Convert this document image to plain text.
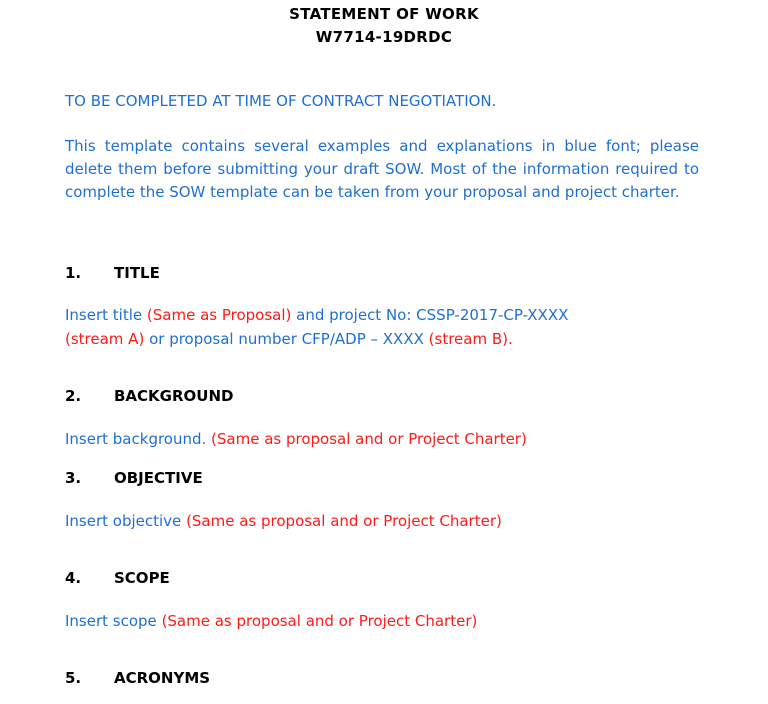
STATEMENT OF WORK
W7714-19DRDC
TO BE COMPLETED AT TIME OF CONTRACT NEGOTIATION.
This template contains several examples and explanations in blue font; please delete them before submitting your draft SOW. Most of the information required to complete the SOW template can be taken from your proposal and project charter.
1. TITLE
Insert title (Same as Proposal) and project No: CSSP-2017-CP-XXXX
(stream A) or proposal number CFP/ADP – XXXX (stream B).
2. BACKGROUND
Insert background. (Same as proposal and or Project Charter)
3. OBJECTIVE
Insert objective (Same as proposal and or Project Charter)
4. SCOPE
Insert scope (Same as proposal and or Project Charter)
5. ACRONYMS
